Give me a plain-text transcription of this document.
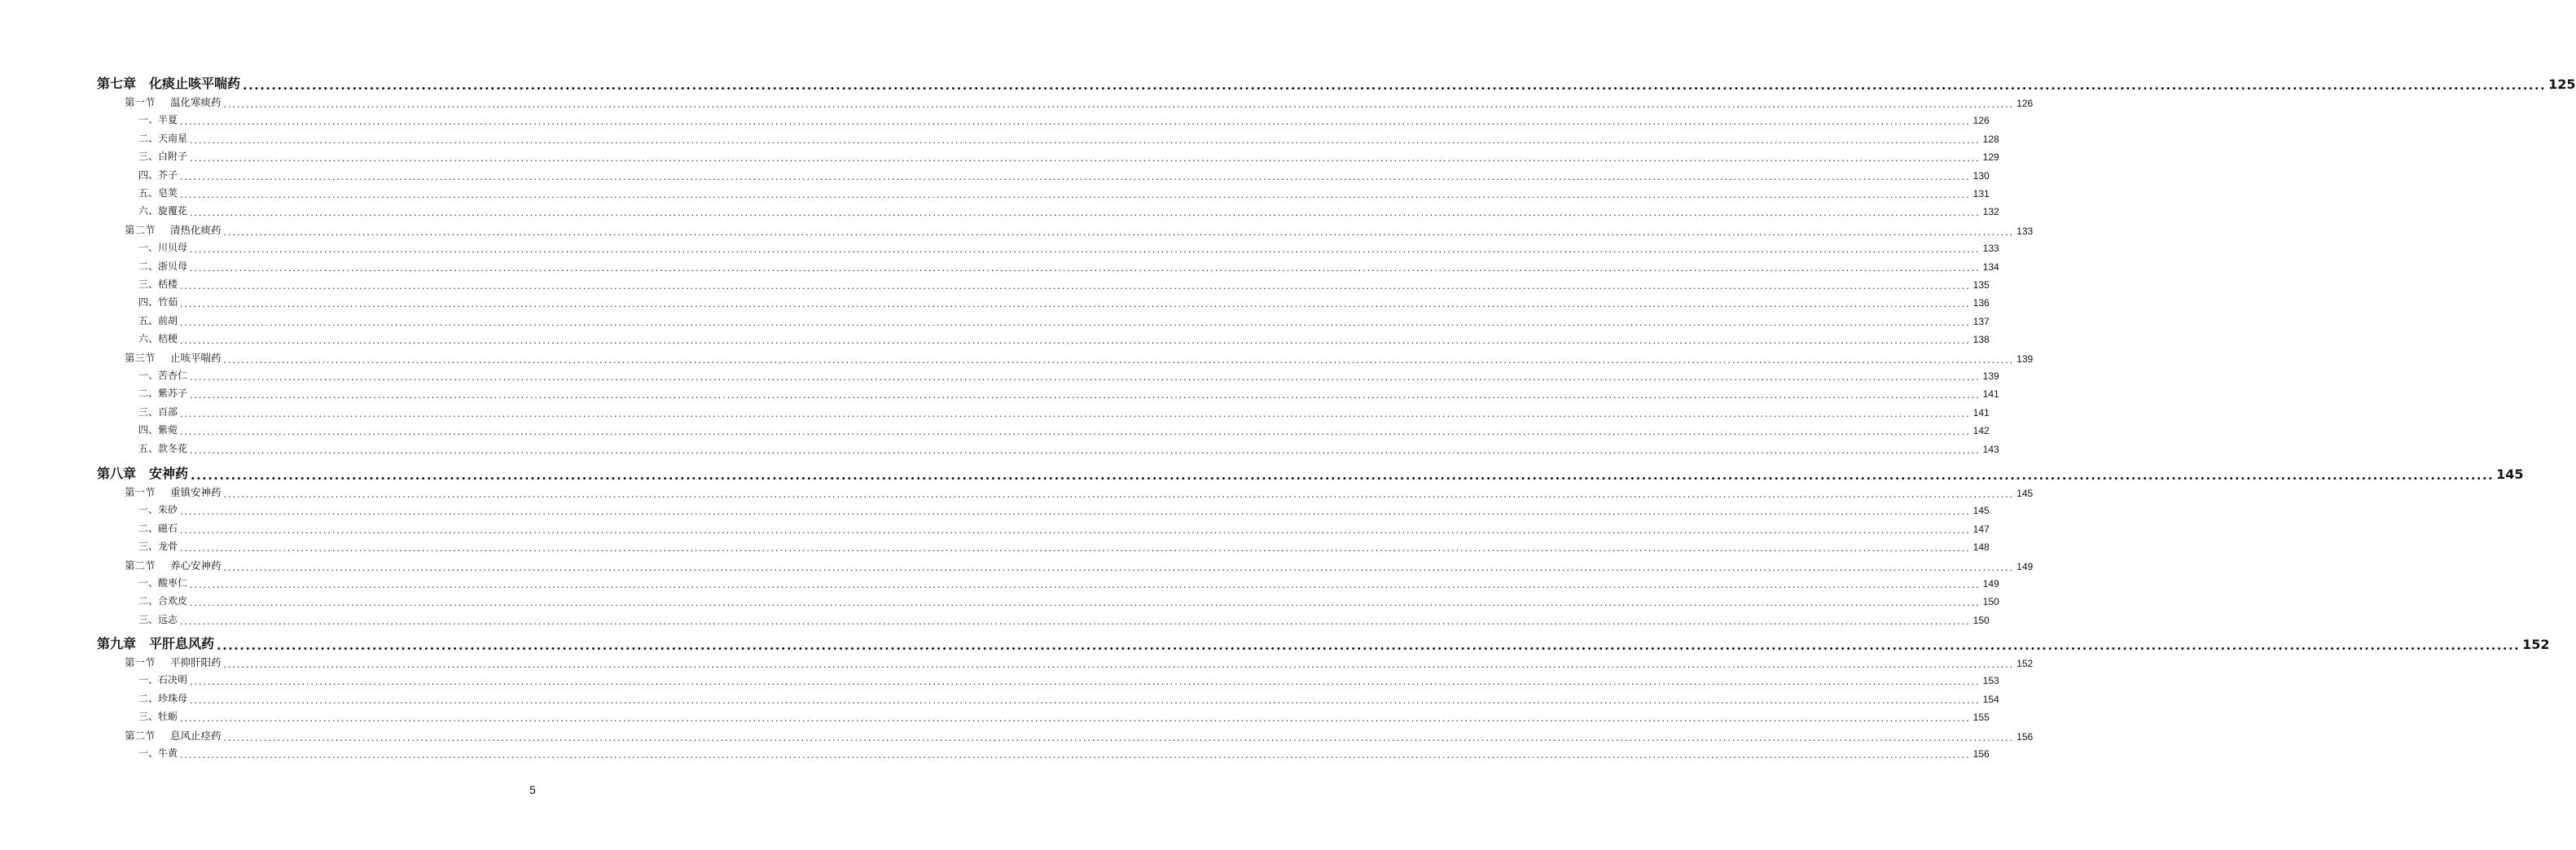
第七章 化痰止咳平喘药 ................................................................................................................................................................................................................................................................................................................................................................................................................ 125
第一节 温化寒痰药 ................................................................................................................................................................................................................................................................................................................................................................................................................ 126
一、半夏 ................................................................................................................................................................................................................................................................................................................................................................................................................ 126
二、天南星 ................................................................................................................................................................................................................................................................................................................................................................................................................ 128
三、白附子 ................................................................................................................................................................................................................................................................................................................................................................................................................ 129
四、芥子 ................................................................................................................................................................................................................................................................................................................................................................................................................ 130
五、皂荚 ................................................................................................................................................................................................................................................................................................................................................................................................................ 131
六、旋覆花 ................................................................................................................................................................................................................................................................................................................................................................................................................ 132
第二节 清热化痰药 ................................................................................................................................................................................................................................................................................................................................................................................................................ 133
一、川贝母 ................................................................................................................................................................................................................................................................................................................................................................................................................ 133
二、浙贝母 ................................................................................................................................................................................................................................................................................................................................................................................................................ 134
三、栝楼 ................................................................................................................................................................................................................................................................................................................................................................................................................ 135
四、竹茹 ................................................................................................................................................................................................................................................................................................................................................................................................................ 136
五、前胡 ................................................................................................................................................................................................................................................................................................................................................................................................................ 137
六、桔梗 ................................................................................................................................................................................................................................................................................................................................................................................................................ 138
第三节 止咳平喘药 ................................................................................................................................................................................................................................................................................................................................................................................................................ 139
一、苦杏仁 ................................................................................................................................................................................................................................................................................................................................................................................................................ 139
二、紫苏子 ................................................................................................................................................................................................................................................................................................................................................................................................................ 141
三、百部 ................................................................................................................................................................................................................................................................................................................................................................................................................ 141
四、紫菀 ................................................................................................................................................................................................................................................................................................................................................................................................................ 142
五、款冬花 ................................................................................................................................................................................................................................................................................................................................................................................................................ 143
第八章 安神药 ................................................................................................................................................................................................................................................................................................................................................................................................................ 145
第一节 重镇安神药 ................................................................................................................................................................................................................................................................................................................................................................................................................ 145
一、朱砂 ................................................................................................................................................................................................................................................................................................................................................................................................................ 145
二、磁石 ................................................................................................................................................................................................................................................................................................................................................................................................................ 147
三、龙骨 ................................................................................................................................................................................................................................................................................................................................................................................................................ 148
第二节 养心安神药 ................................................................................................................................................................................................................................................................................................................................................................................................................ 149
一、酸枣仁 ................................................................................................................................................................................................................................................................................................................................................................................................................ 149
二、合欢皮 ................................................................................................................................................................................................................................................................................................................................................................................................................ 150
三、远志 ................................................................................................................................................................................................................................................................................................................................................................................................................ 150
第九章 平肝息风药 ................................................................................................................................................................................................................................................................................................................................................................................................................ 152
第一节 平抑肝阳药 ................................................................................................................................................................................................................................................................................................................................................................................................................ 152
一、石决明 ................................................................................................................................................................................................................................................................................................................................................................................................................ 153
二、珍珠母 ................................................................................................................................................................................................................................................................................................................................................................................................................ 154
三、牡蛎 ................................................................................................................................................................................................................................................................................................................................................................................................................ 155
第二节 息风止痉药 ................................................................................................................................................................................................................................................................................................................................................................................................................ 156
一、牛黄 ................................................................................................................................................................................................................................................................................................................................................................................................................ 156
5
